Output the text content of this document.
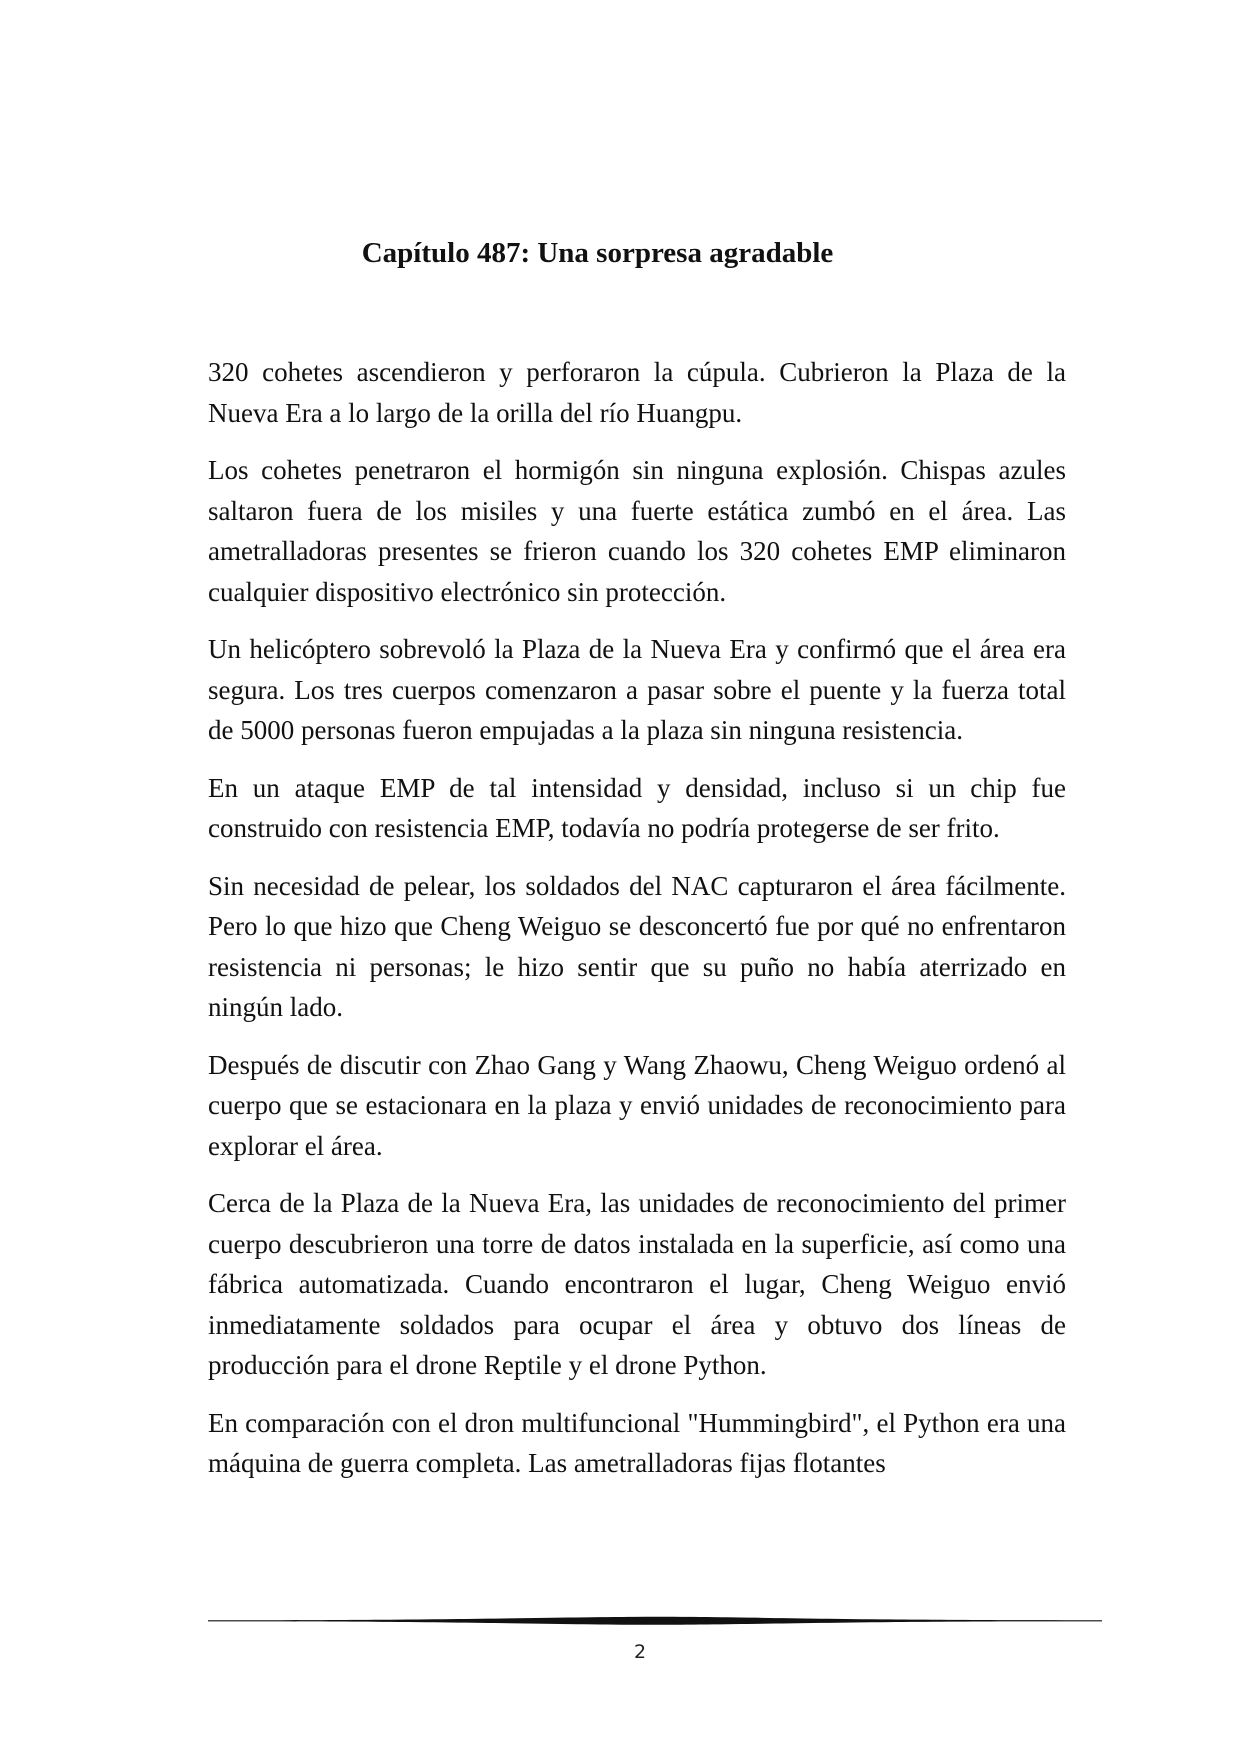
Capítulo 487: Una sorpresa agradable

320 cohetes ascendieron y perforaron la cúpula. Cubrieron la Plaza de la Nueva Era a lo largo de la orilla del río Huangpu.

Los cohetes penetraron el hormigón sin ninguna explosión. Chispas azules saltaron fuera de los misiles y una fuerte estática zumbó en el área. Las ametralladoras presentes se frieron cuando los 320 cohetes EMP eliminaron cualquier dispositivo electrónico sin protección.

Un helicóptero sobrevoló la Plaza de la Nueva Era y confirmó que el área era segura. Los tres cuerpos comenzaron a pasar sobre el puente y la fuerza total de 5000 personas fueron empujadas a la plaza sin ninguna resistencia.

En un ataque EMP de tal intensidad y densidad, incluso si un chip fue construido con resistencia EMP, todavía no podría protegerse de ser frito.

Sin necesidad de pelear, los soldados del NAC capturaron el área fácilmente. Pero lo que hizo que Cheng Weiguo se desconcertó fue por qué no enfrentaron resistencia ni personas; le hizo sentir que su puño no había aterrizado en ningún lado.

Después de discutir con Zhao Gang y Wang Zhaowu, Cheng Weiguo ordenó al cuerpo que se estacionara en la plaza y envió unidades de reconocimiento para explorar el área.

Cerca de la Plaza de la Nueva Era, las unidades de reconocimiento del primer cuerpo descubrieron una torre de datos instalada en la superficie, así como una fábrica automatizada. Cuando encontraron el lugar, Cheng Weiguo envió inmediatamente soldados para ocupar el área y obtuvo dos líneas de producción para el drone Reptile y el drone Python.

En comparación con el dron multifuncional "Hummingbird", el Python era una máquina de guerra completa. Las ametralladoras fijas flotantes

2
